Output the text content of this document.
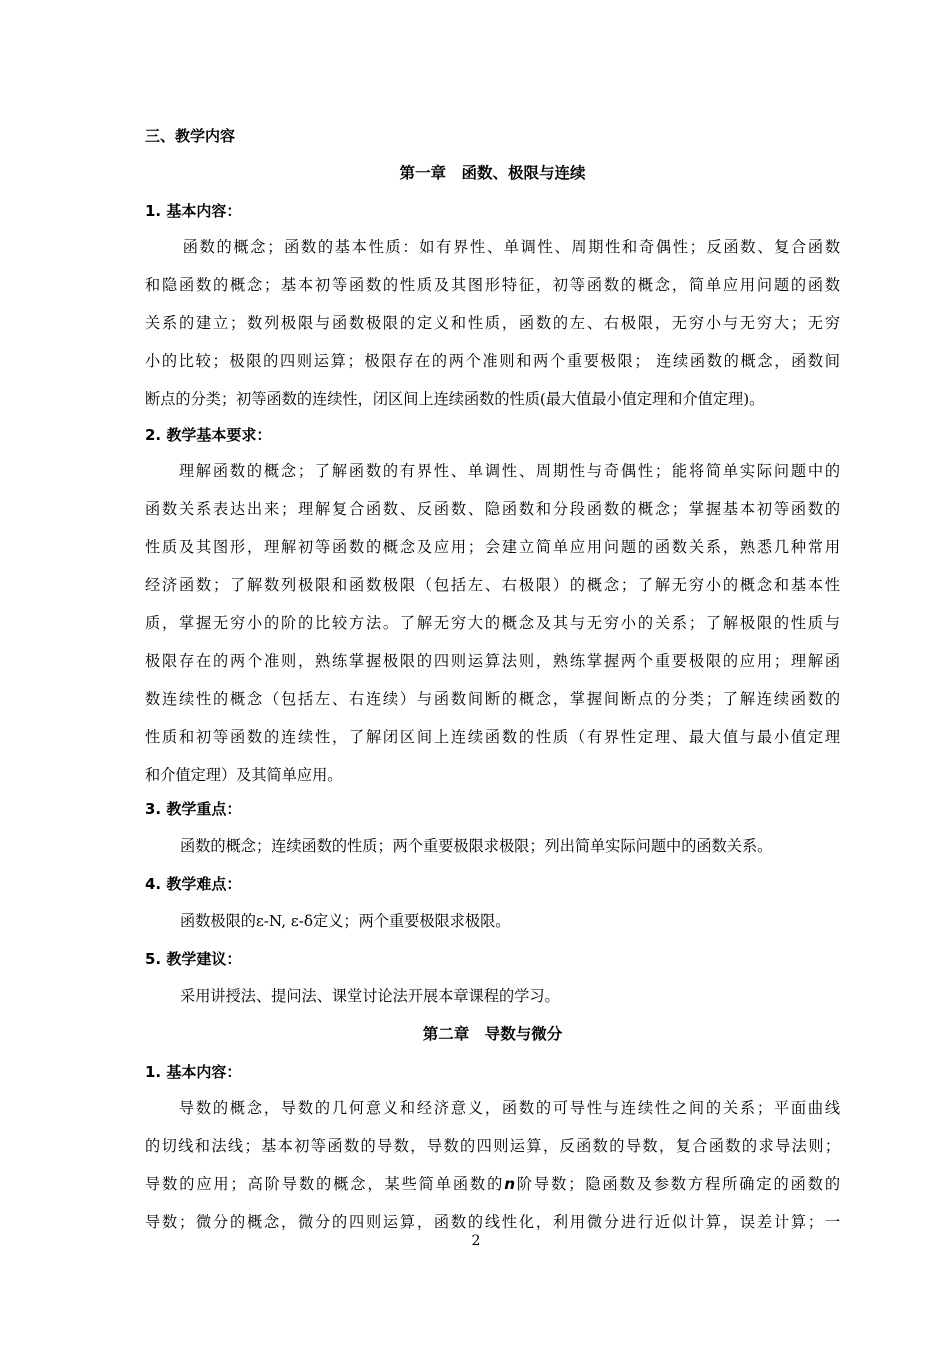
三、教学内容
第一章　函数、极限与连续
1. 基本内容：
函数的概念；函数的基本性质：如有界性、单调性、周期性和奇偶性；反函数、复合函数
和隐函数的概念；基本初等函数的性质及其图形特征，初等函数的概念，简单应用问题的函数
关系的建立；数列极限与函数极限的定义和性质，函数的左、右极限，无穷小与无穷大；无穷
小的比较；极限的四则运算；极限存在的两个准则和两个重要极限； 连续函数的概念，函数间
断点的分类；初等函数的连续性，闭区间上连续函数的性质(最大值最小值定理和介值定理)。
2. 教学基本要求：
理解函数的概念；了解函数的有界性、单调性、周期性与奇偶性；能将简单实际问题中的
函数关系表达出来；理解复合函数、反函数、隐函数和分段函数的概念；掌握基本初等函数的
性质及其图形，理解初等函数的概念及应用；会建立简单应用问题的函数关系，熟悉几种常用
经济函数；了解数列极限和函数极限（包括左、右极限）的概念；了解无穷小的概念和基本性
质，掌握无穷小的阶的比较方法。了解无穷大的概念及其与无穷小的关系；了解极限的性质与
极限存在的两个准则，熟练掌握极限的四则运算法则，熟练掌握两个重要极限的应用；理解函
数连续性的概念（包括左、右连续）与函数间断的概念，掌握间断点的分类；了解连续函数的
性质和初等函数的连续性，了解闭区间上连续函数的性质（有界性定理、最大值与最小值定理
和介值定理）及其简单应用。
3. 教学重点：
函数的概念；连续函数的性质；两个重要极限求极限；列出简单实际问题中的函数关系。
4. 教学难点：
函数极限的ε-N, ε-δ定义；两个重要极限求极限。
5. 教学建议：
采用讲授法、提问法、课堂讨论法开展本章课程的学习。
第二章　导数与微分
1. 基本内容：
导数的概念，导数的几何意义和经济意义，函数的可导性与连续性之间的关系；平面曲线
的切线和法线；基本初等函数的导数，导数的四则运算，反函数的导数，复合函数的求导法则；
导数的应用；高阶导数的概念，某些简单函数的n阶导数；隐函数及参数方程所确定的函数的
导数；微分的概念，微分的四则运算，函数的线性化，利用微分进行近似计算，误差计算；一
2
